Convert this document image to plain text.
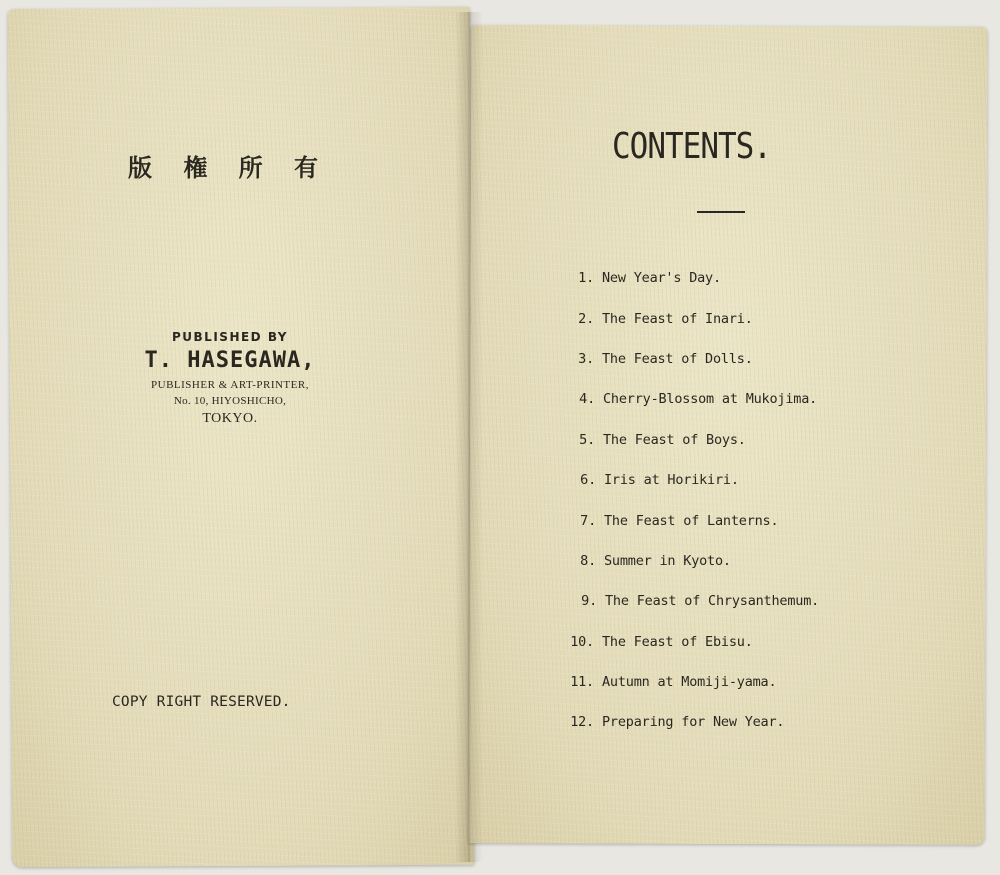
版 権 所 有
PUBLISHED BY
T. HASEGAWA,
PUBLISHER & ART-PRINTER,
No. 10, HIYOSHICHO,
TOKYO.
COPY RIGHT RESERVED.
CONTENTS.
1. New Year's Day.
2. The Feast of Inari.
3. The Feast of Dolls.
4. Cherry-Blossom at Mukojima.
5. The Feast of Boys.
6. Iris at Horikiri.
7. The Feast of Lanterns.
8. Summer in Kyoto.
9. The Feast of Chrysanthemum.
10. The Feast of Ebisu.
11. Autumn at Momiji-yama.
12. Preparing for New Year.
